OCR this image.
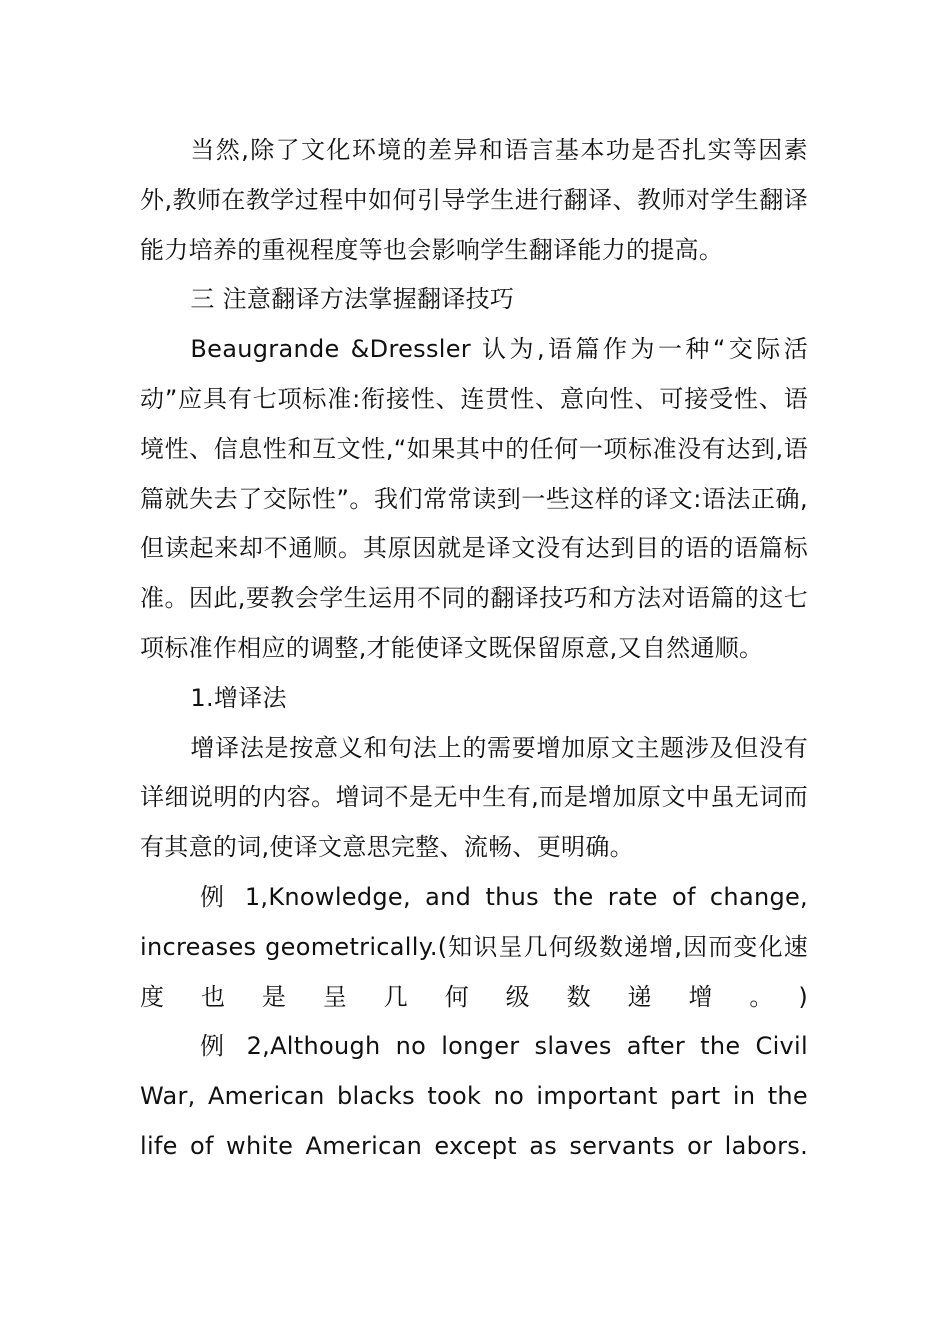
当然,除了文化环境的差异和语言基本功是否扎实等因素外,教师在教学过程中如何引导学生进行翻译、教师对学生翻译能力培养的重视程度等也会影响学生翻译能力的提高。

三 注意翻译方法掌握翻译技巧

Beaugrande &Dressler 认为,语篇作为一种“交际活动”应具有七项标准:衔接性、连贯性、意向性、可接受性、语境性、信息性和互文性,“如果其中的任何一项标准没有达到,语篇就失去了交际性”。我们常常读到一些这样的译文:语法正确,但读起来却不通顺。其原因就是译文没有达到目的语的语篇标准。因此,要教会学生运用不同的翻译技巧和方法对语篇的这七项标准作相应的调整,才能使译文既保留原意,又自然通顺。

1.增译法

增译法是按意义和句法上的需要增加原文主题涉及但没有详细说明的内容。增词不是无中生有,而是增加原文中虽无词而有其意的词,使译文意思完整、流畅、更明确。

例 1,Knowledge, and thus the rate of change, increases geometrically.(知识呈几何级数递增,因而变化速度也是呈几何级数递增。)

例 2,Although no longer slaves after the Civil War, American blacks took no important part in the life of white American except as servants or labors.
